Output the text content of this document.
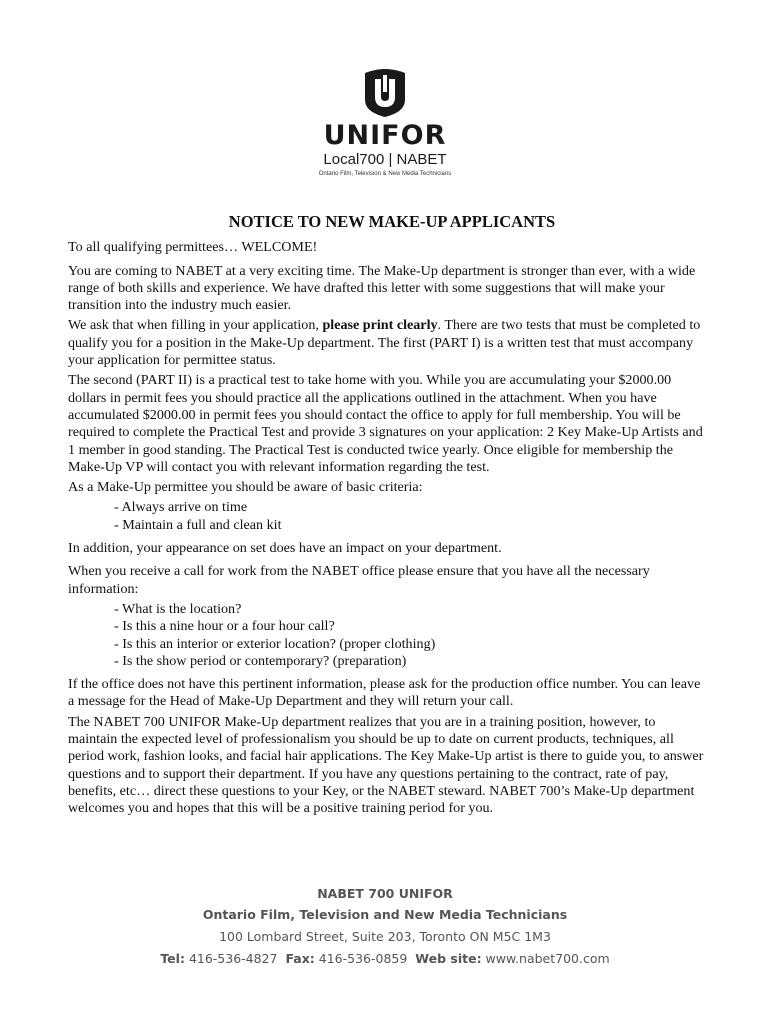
UNIFOR
Local700 | NABET
Ontario Film, Television & New Media Technicians
NOTICE TO NEW MAKE-UP APPLICANTS

To all qualifying permittees… WELCOME!

You are coming to NABET at a very exciting time. The Make-Up department is stronger than ever, with a wide range of both skills and experience. We have drafted this letter with some suggestions that will make your transition into the industry much easier.

We ask that when filling in your application, please print clearly. There are two tests that must be completed to qualify you for a position in the Make-Up department. The first (PART I) is a written test that must accompany your application for permittee status.

The second (PART II) is a practical test to take home with you. While you are accumulating your $2000.00 dollars in permit fees you should practice all the applications outlined in the attachment. When you have accumulated $2000.00 in permit fees you should contact the office to apply for full membership. You will be required to complete the Practical Test and provide 3 signatures on your application: 2 Key Make-Up Artists and 1 member in good standing. The Practical Test is conducted twice yearly. Once eligible for membership the Make-Up VP will contact you with relevant information regarding the test.

As a Make-Up permittee you should be aware of basic criteria:

- Always arrive on time
- Maintain a full and clean kit

In addition, your appearance on set does have an impact on your department.

When you receive a call for work from the NABET office please ensure that you have all the necessary information:

- What is the location?
- Is this a nine hour or a four hour call?
- Is this an interior or exterior location? (proper clothing)
- Is the show period or contemporary? (preparation)

If the office does not have this pertinent information, please ask for the production office number. You can leave a message for the Head of Make-Up Department and they will return your call.

The NABET 700 UNIFOR Make-Up department realizes that you are in a training position, however, to maintain the expected level of professionalism you should be up to date on current products, techniques, all period work, fashion looks, and facial hair applications. The Key Make-Up artist is there to guide you, to answer questions and to support their department. If you have any questions pertaining to the contract, rate of pay, benefits, etc… direct these questions to your Key, or the NABET steward. NABET 700’s Make-Up department welcomes you and hopes that this will be a positive training period for you.

NABET 700 UNIFOR
Ontario Film, Television and New Media Technicians
100 Lombard Street, Suite 203, Toronto ON M5C 1M3
Tel: 416-536-4827 Fax: 416-536-0859 Web site: www.nabet700.com
